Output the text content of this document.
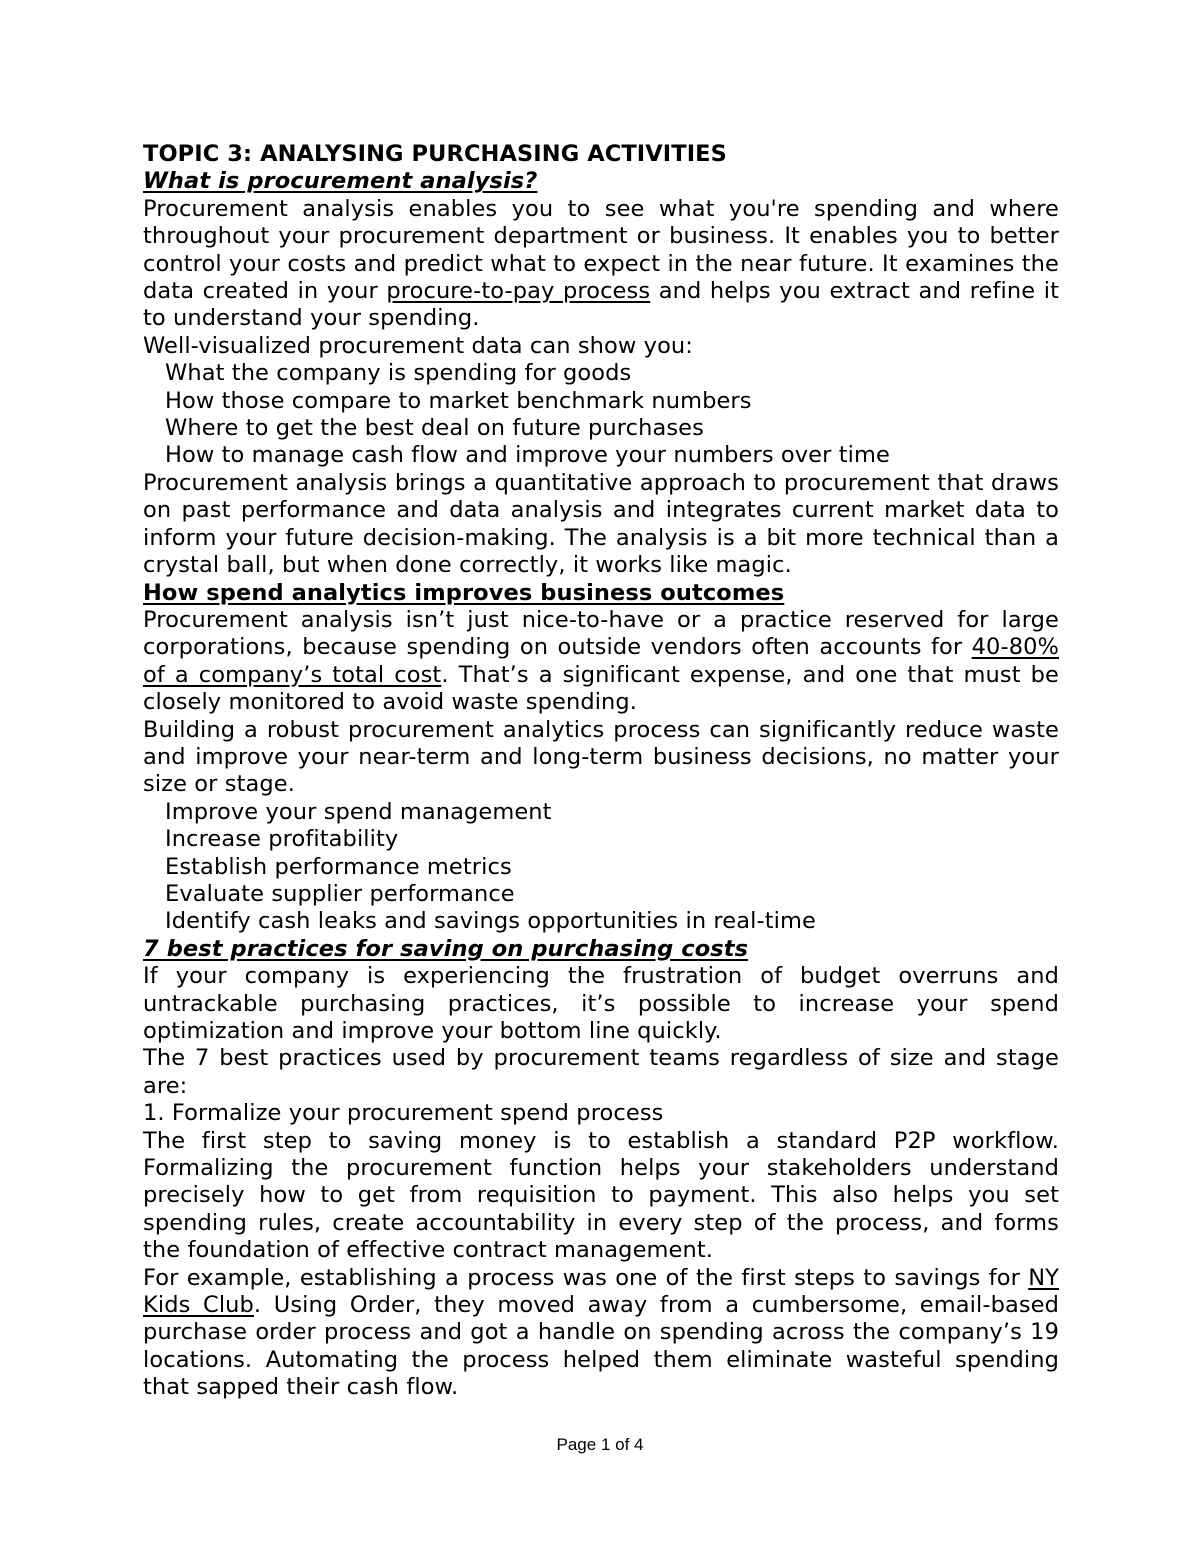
TOPIC 3: ANALYSING PURCHASING ACTIVITIES
What is procurement analysis?

Procurement analysis enables you to see what you're spending and where throughout your procurement department or business. It enables you to better control your costs and predict what to expect in the near future. It examines the data created in your procure-to-pay process and helps you extract and refine it to understand your spending.

Well-visualized procurement data can show you:

What the company is spending for goods
How those compare to market benchmark numbers
Where to get the best deal on future purchases
How to manage cash flow and improve your numbers over time

Procurement analysis brings a quantitative approach to procurement that draws on past performance and data analysis and integrates current market data to inform your future decision-making. The analysis is a bit more technical than a crystal ball, but when done correctly, it works like magic.

How spend analytics improves business outcomes

Procurement analysis isn’t just nice-to-have or a practice reserved for large corporations, because spending on outside vendors often accounts for 40-80% of a company’s total cost. That’s a significant expense, and one that must be closely monitored to avoid waste spending.

Building a robust procurement analytics process can significantly reduce waste and improve your near-term and long-term business decisions, no matter your size or stage.

Improve your spend management
Increase profitability
Establish performance metrics
Evaluate supplier performance
Identify cash leaks and savings opportunities in real-time
7 best practices for saving on purchasing costs

If your company is experiencing the frustration of budget overruns and untrackable purchasing practices, it’s possible to increase your spend optimization and improve your bottom line quickly.

The 7 best practices used by procurement teams regardless of size and stage are:

1. Formalize your procurement spend process

The first step to saving money is to establish a standard P2P workflow. Formalizing the procurement function helps your stakeholders understand precisely how to get from requisition to payment. This also helps you set spending rules, create accountability in every step of the process, and forms the foundation of effective contract management.

For example, establishing a process was one of the first steps to savings for NY Kids Club. Using Order, they moved away from a cumbersome, email-based purchase order process and got a handle on spending across the company’s 19 locations. Automating the process helped them eliminate wasteful spending that sapped their cash flow.

Page 1 of 4
